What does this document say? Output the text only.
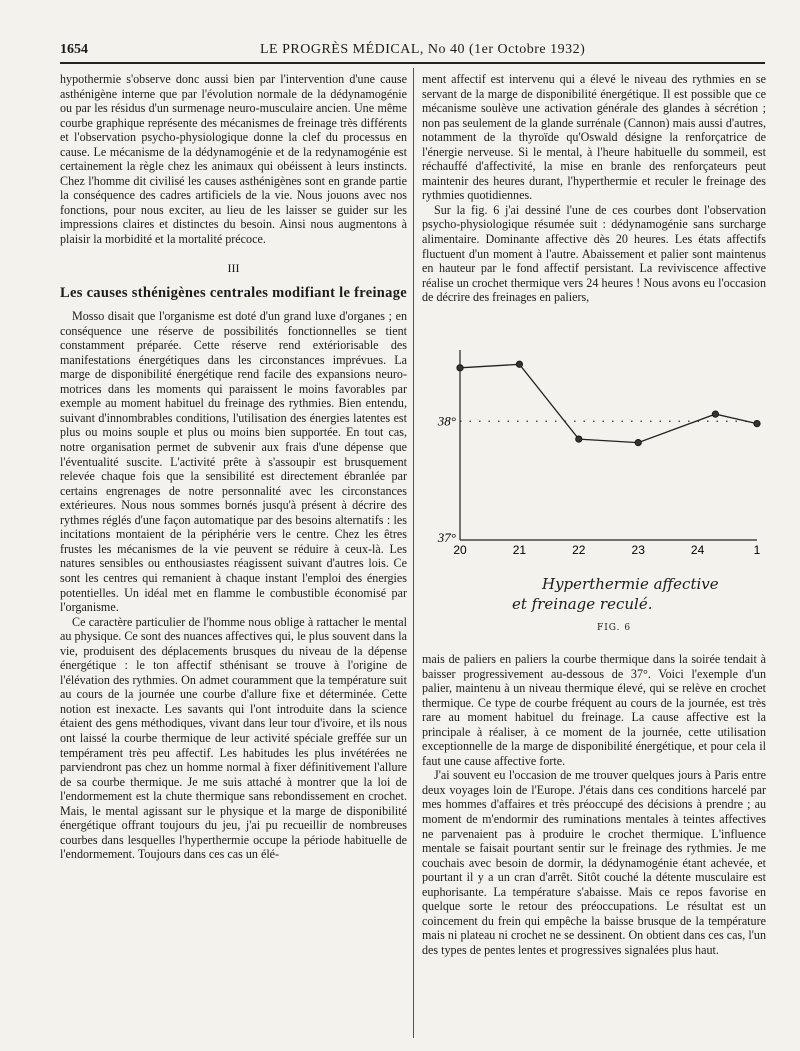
1654	LE PROGRÈS MÉDICAL, No 40 (1er Octobre 1932)

hypothermie s'observe donc aussi bien par l'intervention d'une cause asthénigène interne que par l'évolution normale de la dédynamogénie ou par les résidus d'un surmenage neuro-musculaire ancien. Une même courbe graphique représente des mécanismes de freinage très différents et l'observation psycho-physiologique donne la clef du processus en cause. Le mécanisme de la dédynamogénie et de la redynamogénie est certainement la règle chez les animaux qui obéissent à leurs instincts. Chez l'homme dit civilisé les causes asthénigènes sont en grande partie la conséquence des cadres artificiels de la vie. Nous jouons avec nos fonctions, pour nous exciter, au lieu de les laisser se guider sur les impressions claires et distinctes du besoin. Ainsi nous augmentons à plaisir la morbidité et la mortalité précoce.

III
Les causes sthénigènes centrales modifiant le freinage

Mosso disait que l'organisme est doté d'un grand luxe d'organes ; en conséquence une réserve de possibilités fonctionnelles se tient constamment préparée. Cette réserve rend extériorisable des manifestations énergétiques dans les circonstances imprévues. La marge de disponibilité énergétique rend facile des expansions neuro-motrices dans les moments qui paraissent le moins favorables par exemple au moment habituel du freinage des rythmies. Bien entendu, suivant d'innombrables conditions, l'utilisation des énergies latentes est plus ou moins souple et plus ou moins bien supportée. En tout cas, notre organisation permet de subvenir aux frais d'une dépense que l'éventualité suscite. L'activité prête à s'assoupir est brusquement relevée chaque fois que la sensibilité est directement ébranlée par certains engrenages de notre personnalité avec les circonstances extérieures. Nous nous sommes bornés jusqu'à présent à décrire des rythmes réglés d'une façon automatique par des besoins alternatifs : les incitations montaient de la périphérie vers le centre. Chez les êtres frustes les mécanismes de la vie peuvent se réduire à ceux-là. Les natures sensibles ou enthousiastes réagissent suivant d'autres lois. Ce sont les centres qui remanient à chaque instant l'emploi des énergies potentielles. Un idéal met en flamme le combustible économisé par l'organisme.

Ce caractère particulier de l'homme nous oblige à rattacher le mental au physique. Ce sont des nuances affectives qui, le plus souvent dans la vie, produisent des déplacements brusques du niveau de la dépense énergétique : le ton affectif sthénisant se trouve à l'origine de l'élévation des rythmies. On admet couramment que la température suit au cours de la journée une courbe d'allure fixe et déterminée. Cette notion est inexacte. Les savants qui l'ont introduite dans la science étaient des gens méthodiques, vivant dans leur tour d'ivoire, et ils nous ont laissé la courbe thermique de leur activité spéciale greffée sur un tempérament très peu affectif. Les habitudes les plus invétérées ne parviendront pas chez un homme normal à fixer définitivement l'allure de sa courbe thermique. Je me suis attaché à montrer que la loi de l'endormement est la chute thermique sans rebondissement en crochet. Mais, le mental agissant sur le physique et la marge de disponibilité énergétique offrant toujours du jeu, j'ai pu recueillir de nombreuses courbes dans lesquelles l'hyperthermie occupe la période habituelle de l'endormement. Toujours dans ces cas un élé-

ment affectif est intervenu qui a élevé le niveau des rythmies en se servant de la marge de disponibilité énergétique. Il est possible que ce mécanisme soulève une activation générale des glandes à sécrétion ; non pas seulement de la glande surrénale (Cannon) mais aussi d'autres, notamment de la thyroïde qu'Oswald désigne la renforçatrice de l'énergie nerveuse. Si le mental, à l'heure habituelle du sommeil, est réchauffé d'affectivité, la mise en branle des renforçateurs peut maintenir des heures durant, l'hyperthermie et reculer le freinage des rythmies quotidiennes.

Sur la fig. 6 j'ai dessiné l'une de ces courbes dont l'observation psycho-physiologique résumée suit : dédynamogénie sans surcharge alimentaire. Dominante affective dès 20 heures. Les états affectifs fluctuent d'un moment à l'autre. Abaissement et palier sont maintenus en hauteur par le fond affectif persistant. La reviviscence affective réalise un crochet thermique vers 24 heures ! Nous avons eu l'occasion de décrire des freinages en paliers,

38°
37°
20	21	22	23	24	1
Hyperthermie affective
et freinage reculé.
FIG. 6

mais de paliers en paliers la courbe thermique dans la soirée tendait à baisser progressivement au-dessous de 37°. Voici l'exemple d'un palier, maintenu à un niveau thermique élevé, qui se relève en crochet thermique. Ce type de courbe fréquent au cours de la journée, est très rare au moment habituel du freinage. La cause affective est la principale à réaliser, à ce moment de la journée, cette utilisation exceptionnelle de la marge de disponibilité énergétique, et pour cela il faut une cause affective forte.

J'ai souvent eu l'occasion de me trouver quelques jours à Paris entre deux voyages loin de l'Europe. J'étais dans ces conditions harcelé par mes hommes d'affaires et très préoccupé des décisions à prendre ; au moment de m'endormir des ruminations mentales à teintes affectives ne parvenaient pas à produire le crochet thermique. L'influence mentale se faisait pourtant sentir sur le freinage des rythmies. Je me couchais avec besoin de dormir, la dédynamogénie étant achevée, et pourtant il y a un cran d'arrêt. Sitôt couché la détente musculaire est euphorisante. La température s'abaisse. Mais ce repos favorise en quelque sorte le retour des préoccupations. Le résultat est un coincement du frein qui empêche la baisse brusque de la température mais ni plateau ni crochet ne se dessinent. On obtient dans ces cas, l'un des types de pentes lentes et progressives signalées plus haut.
